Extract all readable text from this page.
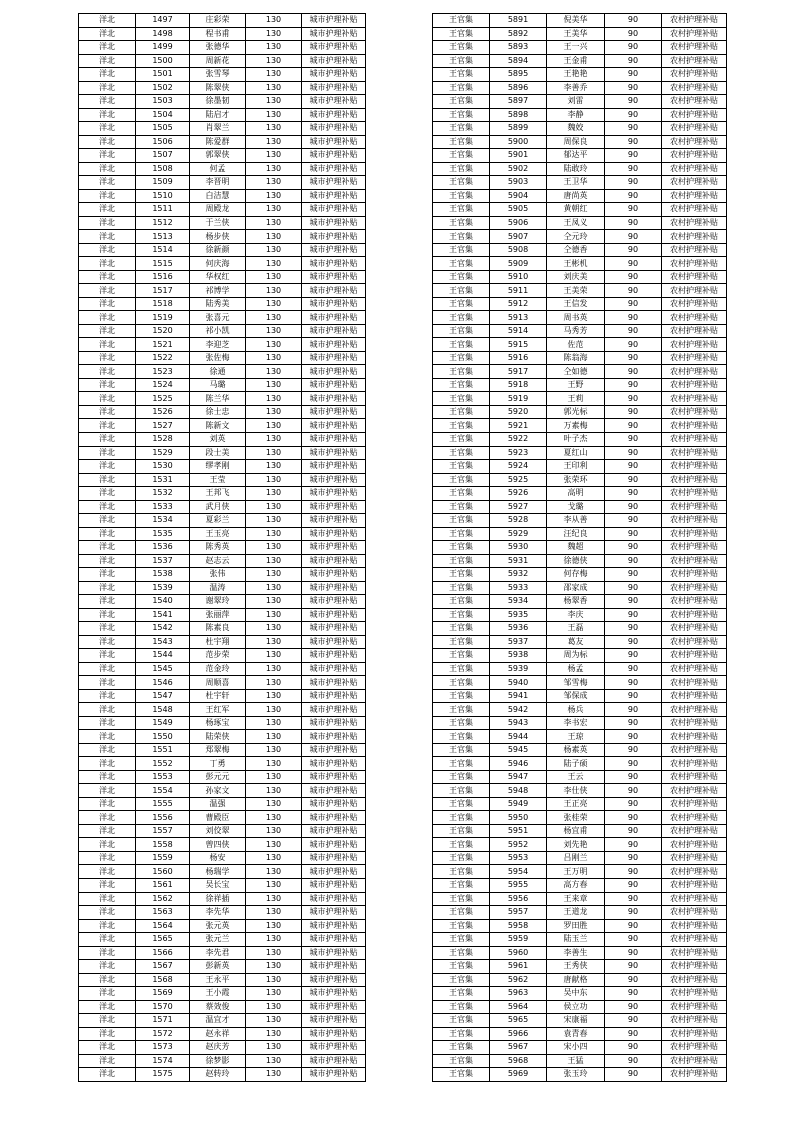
洋北	1497	庄彩荣	130	城市护理补贴
洋北	1498	程书甫	130	城市护理补贴
洋北	1499	张德华	130	城市护理补贴
洋北	1500	周新花	130	城市护理补贴
洋北	1501	张雪琴	130	城市护理补贴
洋北	1502	陈翠侠	130	城市护理补贴
洋北	1503	徐墨韧	130	城市护理补贴
洋北	1504	陆启才	130	城市护理补贴
洋北	1505	肖翠兰	130	城市护理补贴
洋北	1506	陈爱群	130	城市护理补贴
洋北	1507	郭翠侠	130	城市护理补贴
洋北	1508	何孟	130	城市护理补贴
洋北	1509	李晋明	130	城市护理补贴
洋北	1510	白洁慧	130	城市护理补贴
洋北	1511	周殿龙	130	城市护理补贴
洋北	1512	于兰侠	130	城市护理补贴
洋北	1513	杨步侠	130	城市护理补贴
洋北	1514	徐新颜	130	城市护理补贴
洋北	1515	何庆海	130	城市护理补贴
洋北	1516	华权红	130	城市护理补贴
洋北	1517	祁博学	130	城市护理补贴
洋北	1518	陆秀美	130	城市护理补贴
洋北	1519	张喜元	130	城市护理补贴
洋北	1520	祁小凯	130	城市护理补贴
洋北	1521	李迎芝	130	城市护理补贴
洋北	1522	张佐梅	130	城市护理补贴
洋北	1523	徐通	130	城市护理补贴
洋北	1524	马璐	130	城市护理补贴
洋北	1525	陈兰华	130	城市护理补贴
洋北	1526	徐士忠	130	城市护理补贴
洋北	1527	陈新文	130	城市护理补贴
洋北	1528	刘英	130	城市护理补贴
洋北	1529	段士美	130	城市护理补贴
洋北	1530	缪孝刚	130	城市护理补贴
洋北	1531	王莹	130	城市护理补贴
洋北	1532	王邦飞	130	城市护理补贴
洋北	1533	武月侠	130	城市护理补贴
洋北	1534	夏彩兰	130	城市护理补贴
洋北	1535	王玉亮	130	城市护理补贴
洋北	1536	陈秀英	130	城市护理补贴
洋北	1537	赵志云	130	城市护理补贴
洋北	1538	张伟	130	城市护理补贴
洋北	1539	温涛	130	城市护理补贴
洋北	1540	谢翠玲	130	城市护理补贴
洋北	1541	张丽萍	130	城市护理补贴
洋北	1542	陈素良	130	城市护理补贴
洋北	1543	杜宇翔	130	城市护理补贴
洋北	1544	范步荣	130	城市护理补贴
洋北	1545	范金玲	130	城市护理补贴
洋北	1546	周顺喜	130	城市护理补贴
洋北	1547	杜宇轩	130	城市护理补贴
洋北	1548	王红军	130	城市护理补贴
洋北	1549	杨琢宝	130	城市护理补贴
洋北	1550	陆荣侠	130	城市护理补贴
洋北	1551	郑翠梅	130	城市护理补贴
洋北	1552	丁勇	130	城市护理补贴
洋北	1553	彭元元	130	城市护理补贴
洋北	1554	孙家文	130	城市护理补贴
洋北	1555	温强	130	城市护理补贴
洋北	1556	曹殿臣	130	城市护理补贴
洋北	1557	刘佼翠	130	城市护理补贴
洋北	1558	曾四侠	130	城市护理补贴
洋北	1559	杨安	130	城市护理补贴
洋北	1560	杨瑞学	130	城市护理补贴
洋北	1561	吴长宝	130	城市护理补贴
洋北	1562	徐祥插	130	城市护理补贴
洋北	1563	李先华	130	城市护理补贴
洋北	1564	张元英	130	城市护理补贴
洋北	1565	张元兰	130	城市护理补贴
洋北	1566	李先君	130	城市护理补贴
洋北	1567	彭新英	130	城市护理补贴
洋北	1568	王永平	130	城市护理补贴
洋北	1569	王小霞	130	城市护理补贴
洋北	1570	蔡效俊	130	城市护理补贴
洋北	1571	温宜才	130	城市护理补贴
洋北	1572	赵永祥	130	城市护理补贴
洋北	1573	赵庆芳	130	城市护理补贴
洋北	1574	徐梦影	130	城市护理补贴
洋北	1575	赵转玲	130	城市护理补贴
王官集	5891	倪美华	90	农村护理补贴
王官集	5892	王美华	90	农村护理补贴
王官集	5893	王一兴	90	农村护理补贴
王官集	5894	王金甫	90	农村护理补贴
王官集	5895	王艳艳	90	农村护理补贴
王官集	5896	李善乔	90	农村护理补贴
王官集	5897	刘雷	90	农村护理补贴
王官集	5898	李静	90	农村护理补贴
王官集	5899	魏姣	90	农村护理补贴
王官集	5900	周保良	90	农村护理补贴
王官集	5901	郁达平	90	农村护理补贴
王官集	5902	陆敢玲	90	农村护理补贴
王官集	5903	王卫华	90	农村护理补贴
王官集	5904	唐尚英	90	农村护理补贴
王官集	5905	黄朝红	90	农村护理补贴
王官集	5906	王凤义	90	农村护理补贴
王官集	5907	仝元玲	90	农村护理补贴
王官集	5908	仝德香	90	农村护理补贴
王官集	5909	王彬机	90	农村护理补贴
王官集	5910	刘庆美	90	农村护理补贴
王官集	5911	王美荣	90	农村护理补贴
王官集	5912	王信发	90	农村护理补贴
王官集	5913	周书英	90	农村护理补贴
王官集	5914	马秀芳	90	农村护理补贴
王官集	5915	佐范	90	农村护理补贴
王官集	5916	陈翁海	90	农村护理补贴
王官集	5917	仝如德	90	农村护理补贴
王官集	5918	王野	90	农村护理补贴
王官集	5919	王莉	90	农村护理补贴
王官集	5920	郭光标	90	农村护理补贴
王官集	5921	万素梅	90	农村护理补贴
王官集	5922	叶子杰	90	农村护理补贴
王官集	5923	夏红山	90	农村护理补贴
王官集	5924	王印利	90	农村护理补贴
王官集	5925	张荣环	90	农村护理补贴
王官集	5926	高明	90	农村护理补贴
王官集	5927	戈璐	90	农村护理补贴
王官集	5928	李从善	90	农村护理补贴
王官集	5929	汪纪良	90	农村护理补贴
王官集	5930	魏超	90	农村护理补贴
王官集	5931	徐德侠	90	农村护理补贴
王官集	5932	何存梅	90	农村护理补贴
王官集	5933	邵家成	90	农村护理补贴
王官集	5934	杨翠香	90	农村护理补贴
王官集	5935	李庆	90	农村护理补贴
王官集	5936	王磊	90	农村护理补贴
王官集	5937	葛友	90	农村护理补贴
王官集	5938	周为标	90	农村护理补贴
王官集	5939	杨孟	90	农村护理补贴
王官集	5940	邹雪梅	90	农村护理补贴
王官集	5941	邹保成	90	农村护理补贴
王官集	5942	杨兵	90	农村护理补贴
王官集	5943	李书宏	90	农村护理补贴
王官集	5944	王琼	90	农村护理补贴
王官集	5945	杨素英	90	农村护理补贴
王官集	5946	陆子硕	90	农村护理补贴
王官集	5947	王云	90	农村护理补贴
王官集	5948	李仕侠	90	农村护理补贴
王官集	5949	王正亮	90	农村护理补贴
王官集	5950	张桂荣	90	农村护理补贴
王官集	5951	杨宜甫	90	农村护理补贴
王官集	5952	刘先艳	90	农村护理补贴
王官集	5953	吕刚兰	90	农村护理补贴
王官集	5954	王万明	90	农村护理补贴
王官集	5955	高方春	90	农村护理补贴
王官集	5956	王来章	90	农村护理补贴
王官集	5957	王道龙	90	农村护理补贴
王官集	5958	罗田胜	90	农村护理补贴
王官集	5959	陆玉兰	90	农村护理补贴
王官集	5960	李善生	90	农村护理补贴
王官集	5961	王秀侠	90	农村护理补贴
王官集	5962	唐献格	90	农村护理补贴
王官集	5963	吴中东	90	农村护理补贴
王官集	5964	侯立功	90	农村护理补贴
王官集	5965	宋康福	90	农村护理补贴
王官集	5966	袁青春	90	农村护理补贴
王官集	5967	宋小四	90	农村护理补贴
王官集	5968	王猛	90	农村护理补贴
王官集	5969	张玉玲	90	农村护理补贴
